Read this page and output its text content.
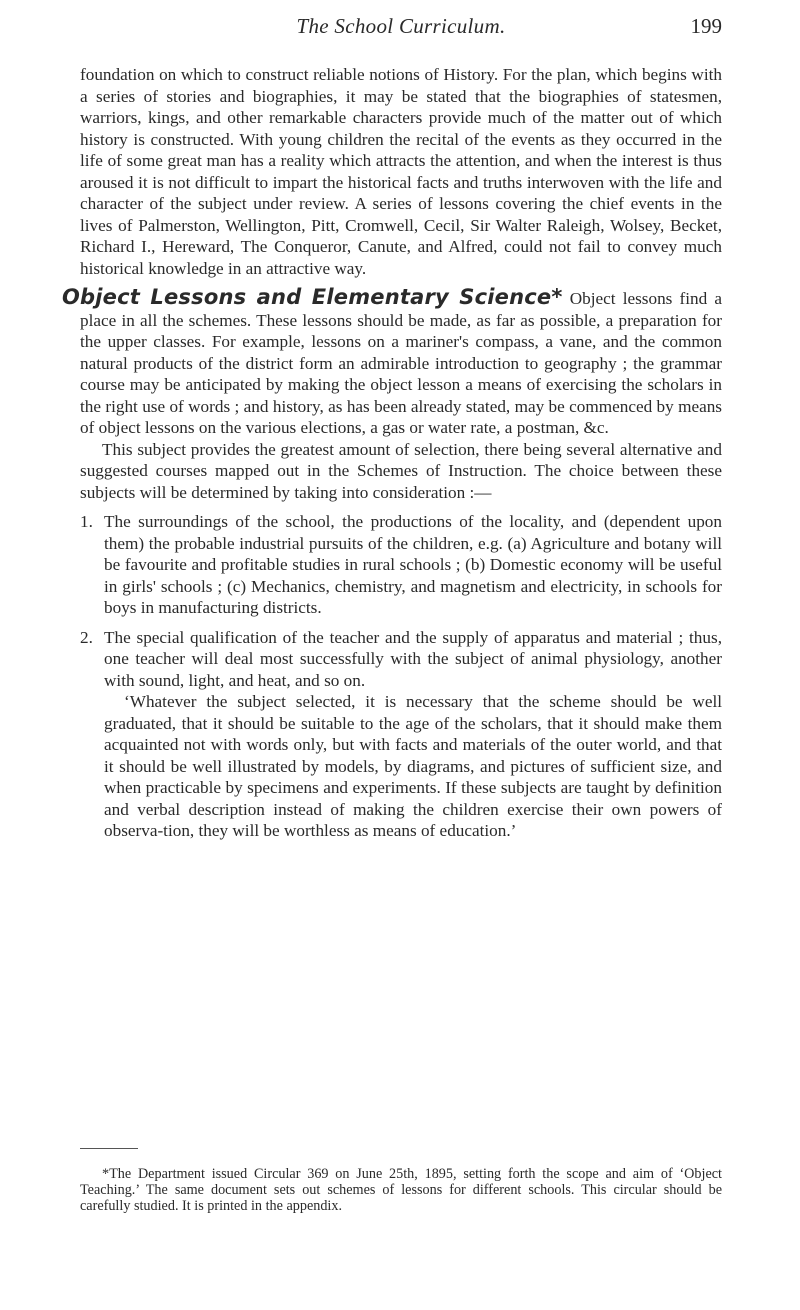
The School Curriculum.	199

foundation on which to construct reliable notions of History. For the plan, which begins with a series of stories and biographies, it may be stated that the biographies of statesmen, warriors, kings, and other remarkable characters provide much of the matter out of which history is constructed. With young children the recital of the events as they occurred in the life of some great man has a reality which attracts the attention, and when the interest is thus aroused it is not difficult to impart the historical facts and truths interwoven with the life and character of the subject under review. A series of lessons covering the chief events in the lives of Palmerston, Wellington, Pitt, Cromwell, Cecil, Sir Walter Raleigh, Wolsey, Becket, Richard I., Hereward, The Conqueror, Canute, and Alfred, could not fail to convey much historical knowledge in an attractive way.

Object Lessons and Elementary Science* Object lessons find a place in all the schemes. These lessons should be made, as far as possible, a preparation for the upper classes. For example, lessons on a mariner's compass, a vane, and the common natural products of the district form an admirable introduction to geography ; the grammar course may be anticipated by making the object lesson a means of exercising the scholars in the right use of words ; and history, as has been already stated, may be commenced by means of object lessons on the various elections, a gas or water rate, a postman, &c.

This subject provides the greatest amount of selection, there being several alternative and suggested courses mapped out in the Schemes of Instruction. The choice between these subjects will be determined by taking into consideration :—

1. The surroundings of the school, the productions of the locality, and (dependent upon them) the probable industrial pursuits of the children, e.g. (a) Agriculture and botany will be favourite and profitable studies in rural schools ; (b) Domestic economy will be useful in girls' schools ; (c) Mechanics, chemistry, and magnetism and electricity, in schools for boys in manufacturing districts.
2. The special qualification of the teacher and the supply of apparatus and material ; thus, one teacher will deal most successfully with the subject of animal physiology, another with sound, light, and heat, and so on.

‘Whatever the subject selected, it is necessary that the scheme should be well graduated, that it should be suitable to the age of the scholars, that it should make them acquainted not with words only, but with facts and materials of the outer world, and that it should be well illustrated by models, by diagrams, and pictures of sufficient size, and when practicable by specimens and experiments. If these subjects are taught by definition and verbal description instead of making the children exercise their own powers of observa-tion, they will be worthless as means of education.’

*The Department issued Circular 369 on June 25th, 1895, setting forth the scope and aim of ‘Object Teaching.’ The same document sets out schemes of lessons for different schools. This circular should be carefully studied. It is printed in the appendix.
